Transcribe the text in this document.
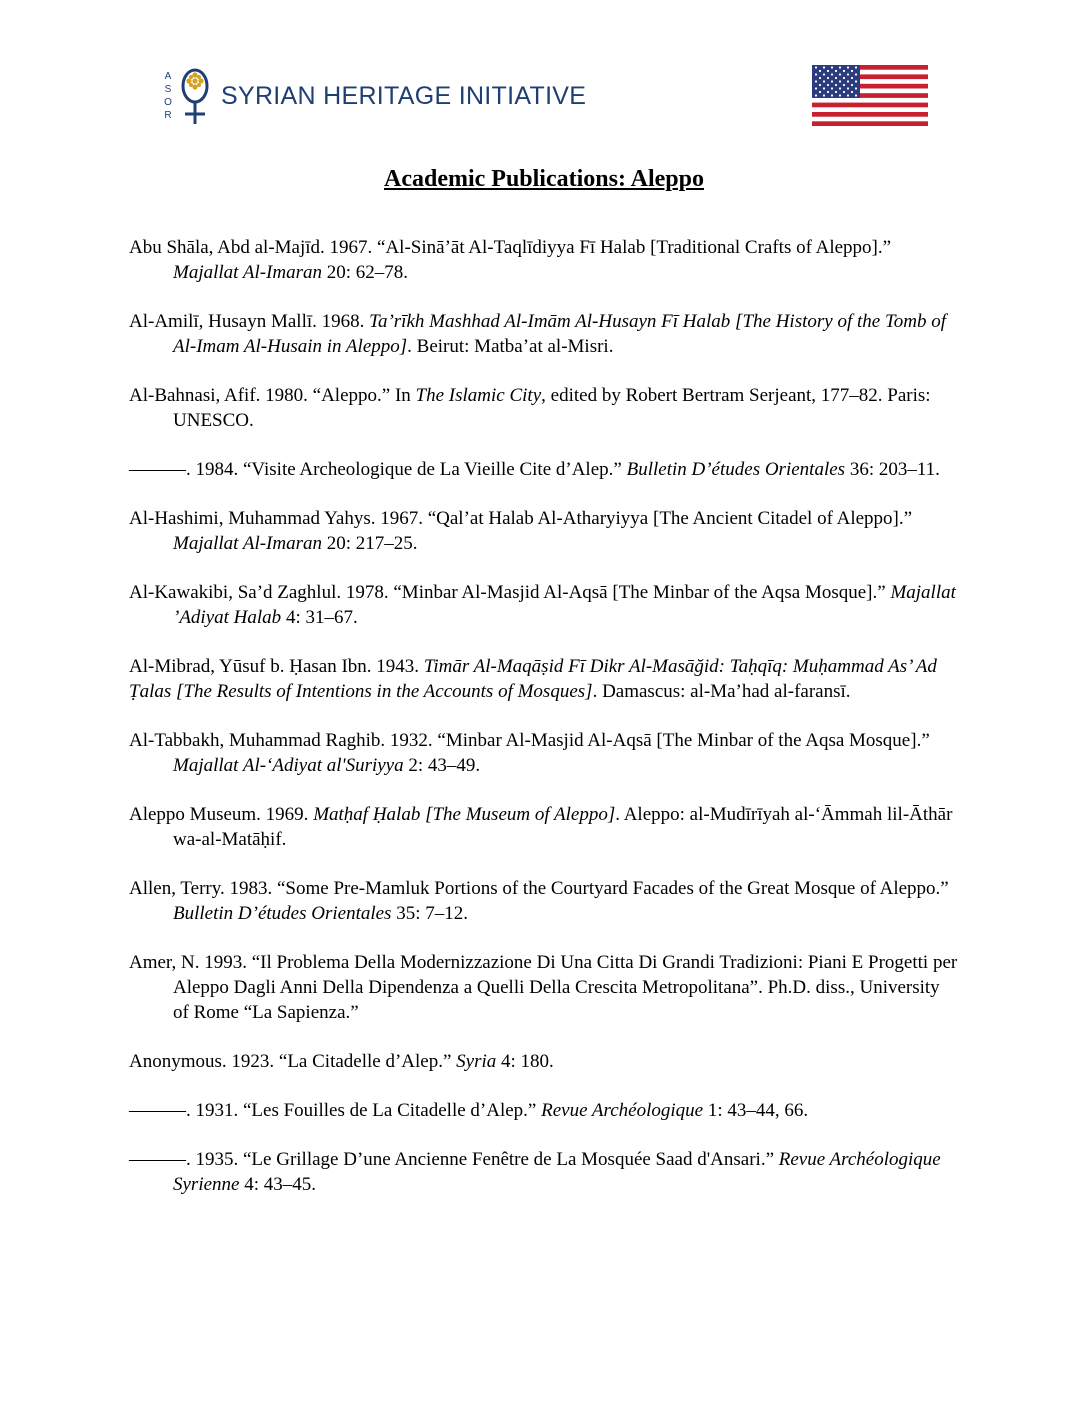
A
S
O
R
SYRIAN HERITAGE INITIATIVE
Academic Publications: Aleppo

Abu Shāla, Abd al-Majīd. 1967. “Al-Sinā’āt Al-Taqlīdiyya Fī Halab [Traditional Crafts of Aleppo].” Majallat Al-Imaran 20: 62–78.

Al-Amilī, Husayn Mallī. 1968. Ta’rīkh Mashhad Al-Imām Al-Husayn Fī Halab [The History of the Tomb of Al-Imam Al-Husain in Aleppo]. Beirut: Matba’at al-Misri.

Al-Bahnasi, Afif. 1980. “Aleppo.” In The Islamic City, edited by Robert Bertram Serjeant, 177–82. Paris: UNESCO.

———. 1984. “Visite Archeologique de La Vieille Cite d’Alep.” Bulletin D’études Orientales 36: 203–11.

Al-Hashimi, Muhammad Yahys. 1967. “Qal’at Halab Al-Atharyiyya [The Ancient Citadel of Aleppo].” Majallat Al-Imaran 20: 217–25.

Al-Kawakibi, Sa’d Zaghlul. 1978. “Minbar Al-Masjid Al-Aqsā [The Minbar of the Aqsa Mosque].” Majallat ’Adiyat Halab 4: 31–67.

Al-Mibrad, Yūsuf b. Ḥasan Ibn. 1943. Timār Al-Maqāṣid Fī Dikr Al-Masāğid: Taḥqīq: Muḥammad As’ Ad Ṭalas [The Results of Intentions in the Accounts of Mosques]. Damascus: al-Ma’had al-faransī.

Al-Tabbakh, Muhammad Raghib. 1932. “Minbar Al-Masjid Al-Aqsā [The Minbar of the Aqsa Mosque].” Majallat Al-ʻAdiyat al'Suriyya 2: 43–49.

Aleppo Museum. 1969. Matḥaf Ḥalab [The Museum of Aleppo]. Aleppo: al-Mudīrīyah al-‘Āmmah lil-Āthār wa-al-Matāḥif.

Allen, Terry. 1983. “Some Pre-Mamluk Portions of the Courtyard Facades of the Great Mosque of Aleppo.” Bulletin D’études Orientales 35: 7–12.

Amer, N. 1993. “Il Problema Della Modernizzazione Di Una Citta Di Grandi Tradizioni: Piani E Progetti per Aleppo Dagli Anni Della Dipendenza a Quelli Della Crescita Metropolitana”. Ph.D. diss., University of Rome “La Sapienza.”

Anonymous. 1923. “La Citadelle d’Alep.” Syria 4: 180.

———. 1931. “Les Fouilles de La Citadelle d’Alep.” Revue Archéologique 1: 43–44, 66.

———. 1935. “Le Grillage D’une Ancienne Fenêtre de La Mosquée Saad d'Ansari.” Revue Archéologique Syrienne 4: 43–45.
